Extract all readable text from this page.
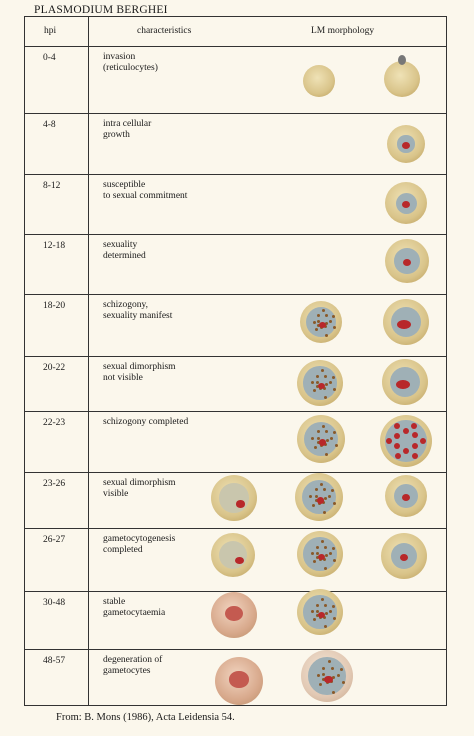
PLASMODIUM BERGHEI
hpi	characteristics	LM morphology
0-4	invasion
(reticulocytes)
4-8	intra cellular
growth
8-12	susceptible
to sexual commitment
12-18	sexuality
determined
18-20	schizogony,
sexuality manifest
20-22	sexual dimorphism
not visible
22-23	schizogony completed
23-26	sexual dimorphism
visible
26-27	gametocytogenesis
completed
30-48	stable
gametocytaemia
48-57	degeneration of
gametocytes
From: B. Mons (1986), Acta Leidensia 54.
